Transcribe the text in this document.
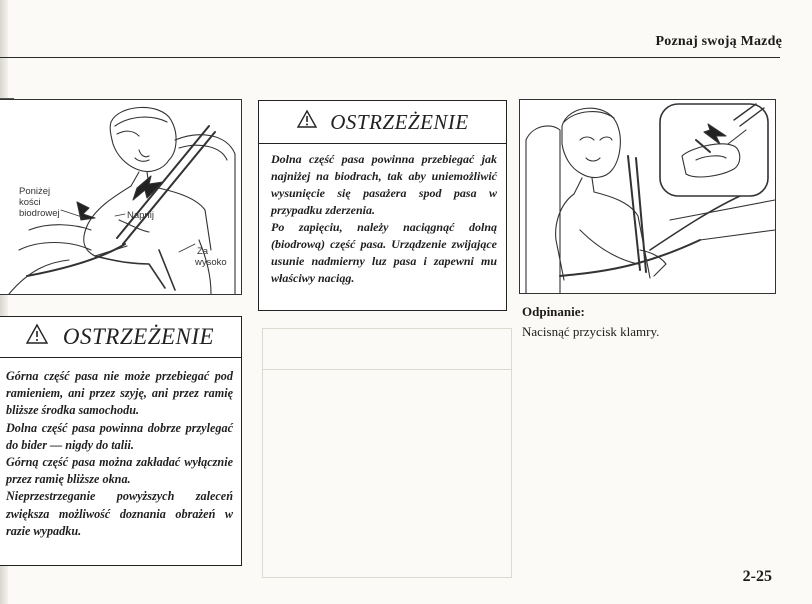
Poznaj swoją Mazdę
Poniżej
kości
biodrowej	Napnij
Za
wysoko
OSTRZEŻENIE

Dolna część pasa powinna przebiegać jak najniżej na biodrach, tak aby uniemożliwić wysunięcie się pasażera spod pasa w przypadku zderzenia.

Po zapięciu, należy naciągnąć dolną (biodrową) część pasa. Urządzenie zwijające usunie nadmierny luz pasa i zapewni mu właściwy naciąg.

OSTRZEŻENIE

Górna część pasa nie może przebiegać pod ramieniem, ani przez szyję, ani przez ramię bliższe środka samochodu.

Dolna część pasa powinna dobrze przylegać do bider — nigdy do talii.

Górną część pasa można zakładać wyłącznie przez ramię bliższe okna.

Nieprzestrzeganie powyższych zaleceń zwiększa możliwość doznania obrażeń w razie wypadku.

Odpinanie:
Nacisnąć przycisk klamry.
2-25
